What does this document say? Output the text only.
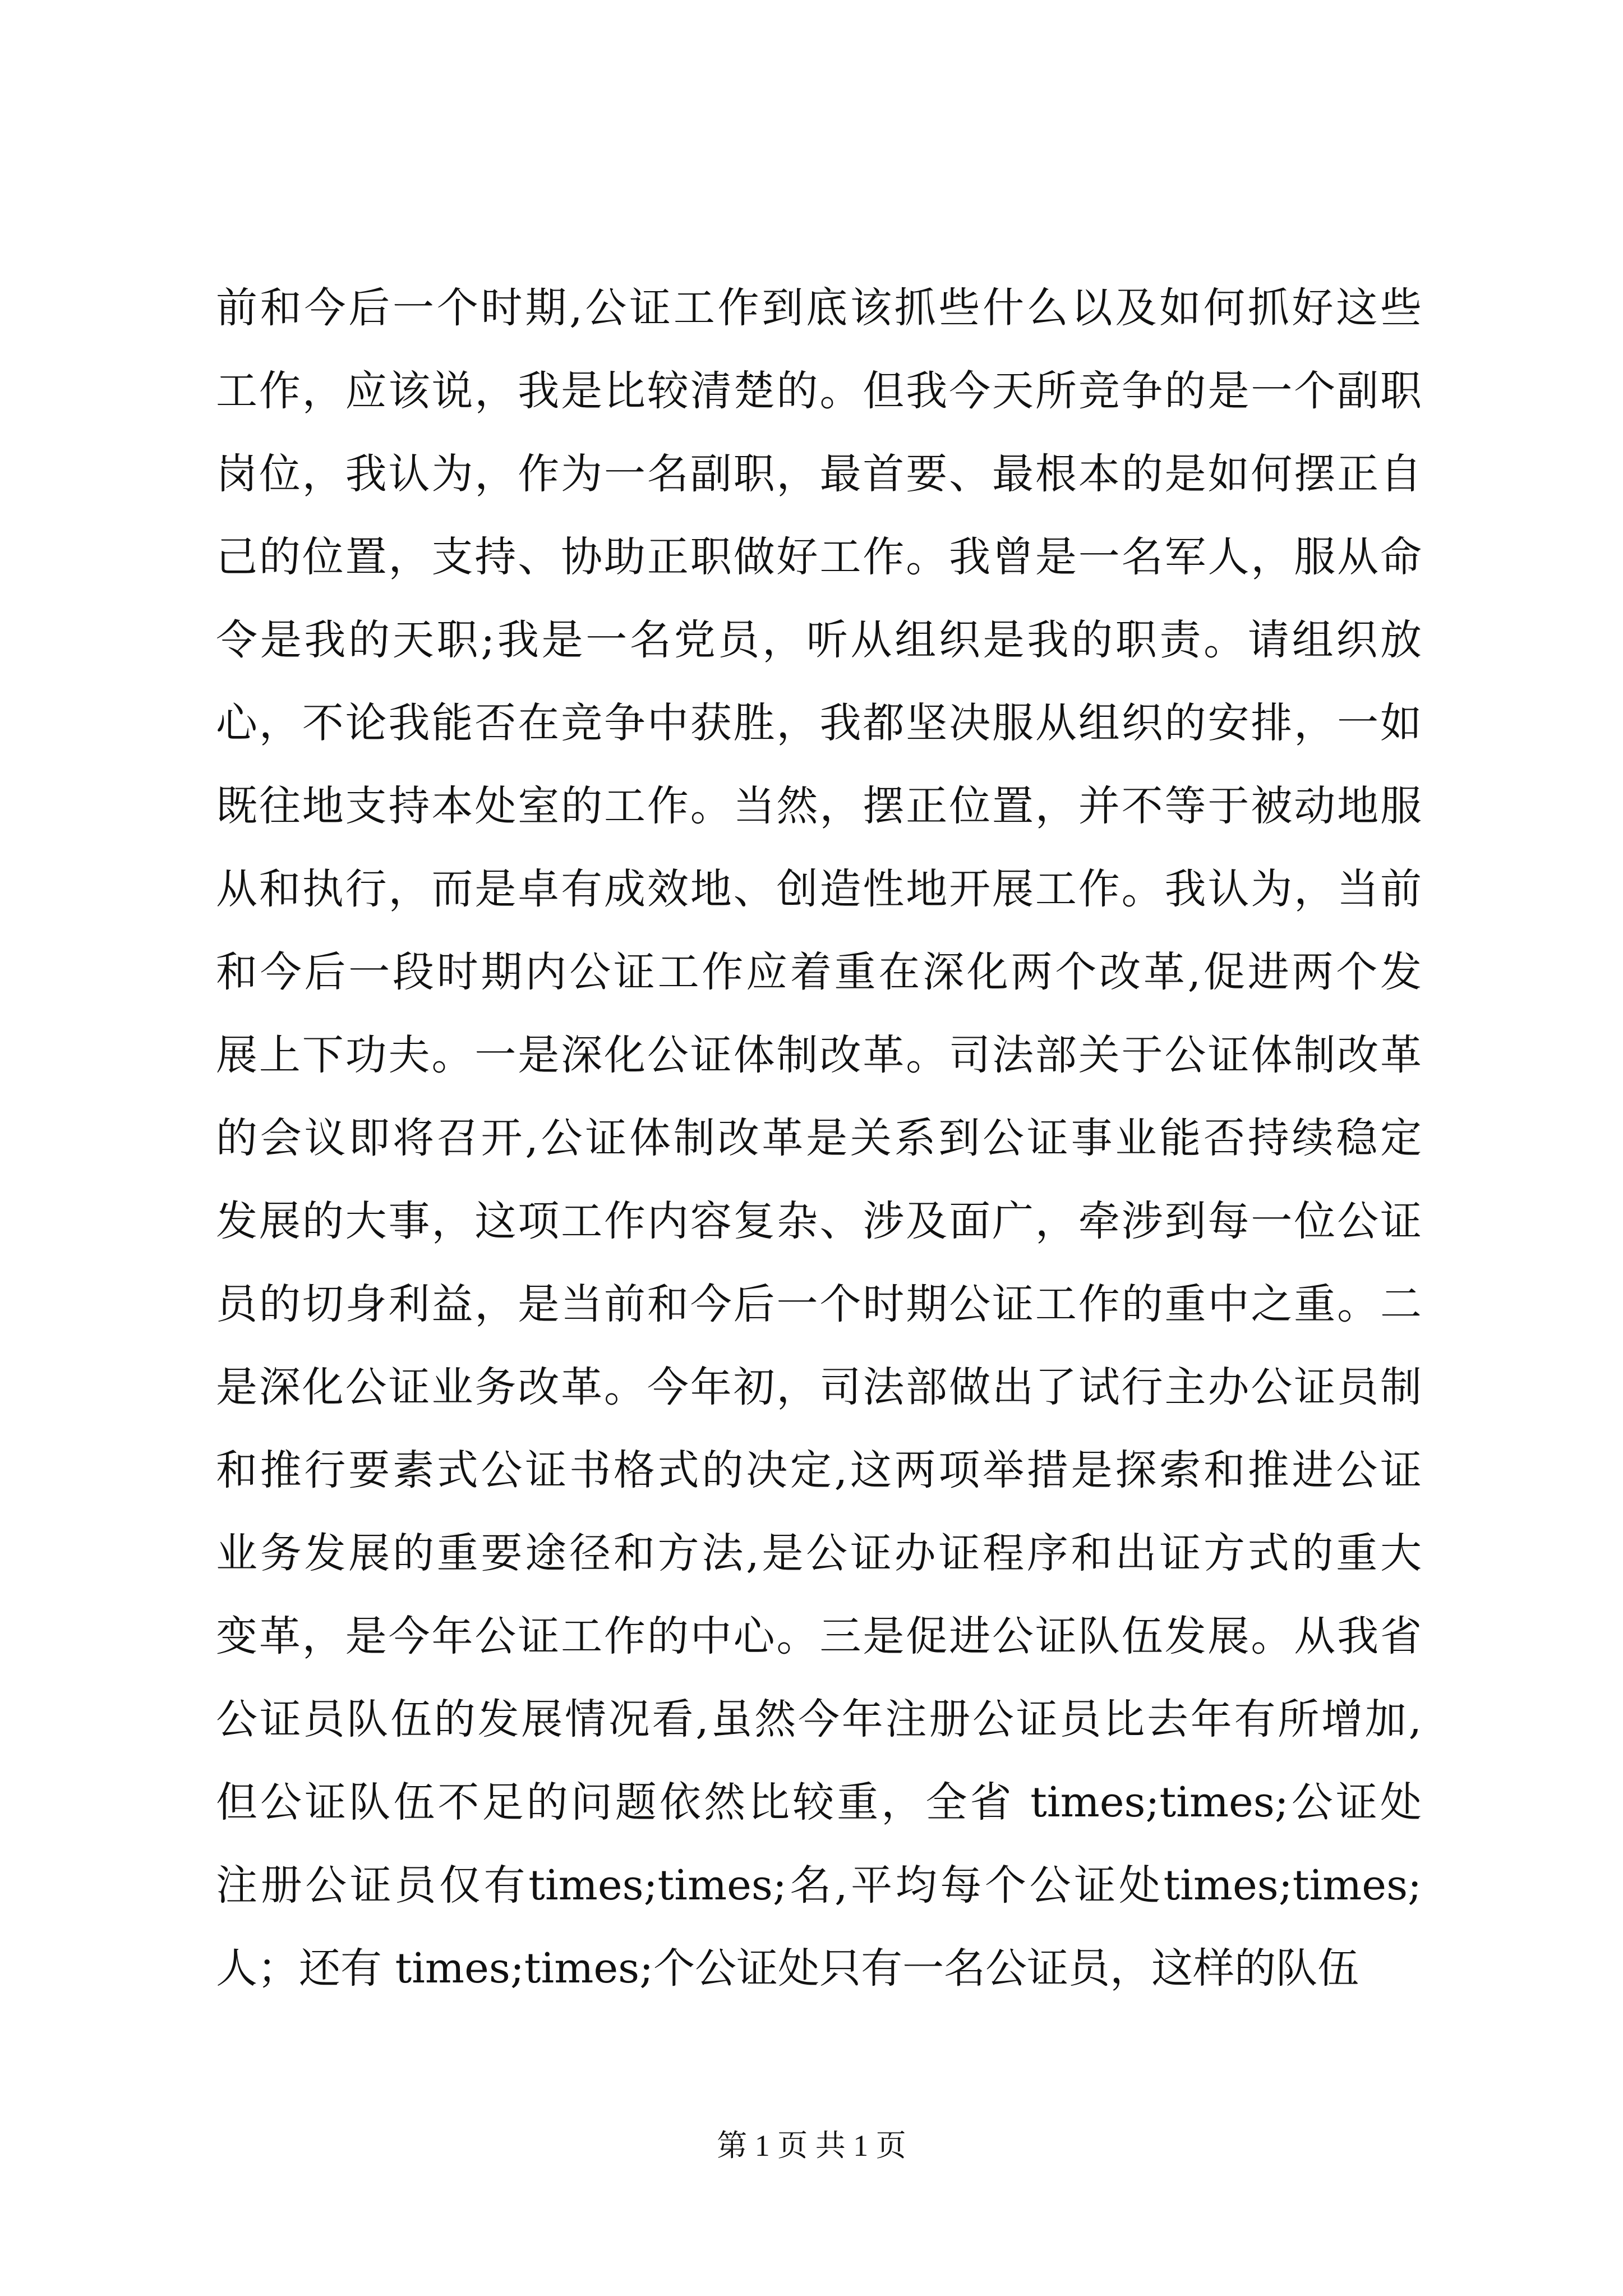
前和今后一个时期,公证工作到底该抓些什么以及如何抓好这些
工作，应该说，我是比较清楚的。但我今天所竞争的是一个副职
岗位，我认为，作为一名副职，最首要、最根本的是如何摆正自
己的位置，支持、协助正职做好工作。我曾是一名军人，服从命
令是我的天职;我是一名党员，听从组织是我的职责。请组织放
心，不论我能否在竞争中获胜，我都坚决服从组织的安排，一如
既往地支持本处室的工作。当然，摆正位置，并不等于被动地服
从和执行，而是卓有成效地、创造性地开展工作。我认为，当前
和今后一段时期内公证工作应着重在深化两个改革,促进两个发
展上下功夫。一是深化公证体制改革。司法部关于公证体制改革
的会议即将召开,公证体制改革是关系到公证事业能否持续稳定
发展的大事，这项工作内容复杂、涉及面广，牵涉到每一位公证
员的切身利益，是当前和今后一个时期公证工作的重中之重。二
是深化公证业务改革。今年初，司法部做出了试行主办公证员制
和推行要素式公证书格式的决定,这两项举措是探索和推进公证
业务发展的重要途径和方法,是公证办证程序和出证方式的重大
变革，是今年公证工作的中心。三是促进公证队伍发展。从我省
公证员队伍的发展情况看,虽然今年注册公证员比去年有所增加,
但公证队伍不足的问题依然比较重，全省 times;times;公证处
注册公证员仅有times;times;名,平均每个公证处times;times;
人；还有 times;times;个公证处只有一名公证员，这样的队伍
第 1 页 共 1 页
